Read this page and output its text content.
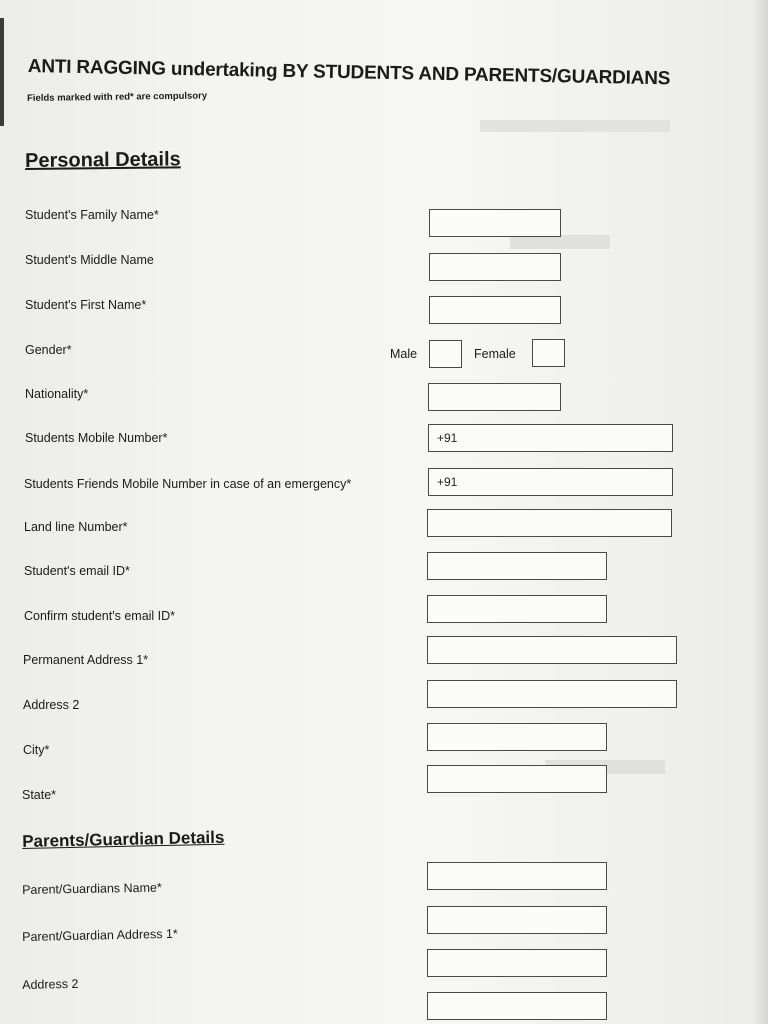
ANTI RAGGING undertaking BY STUDENTS AND PARENTS/GUARDIANS
Fields marked with red* are compulsory
Personal Details
Student's Family Name*
Student's Middle Name
Student's First Name*
Gender*	Male	Female
Nationality*
Students Mobile Number*	+91
Students Friends Mobile Number in case of an emergency*	+91
Land line Number*
Student's email ID*
Confirm student's email ID*
Permanent Address 1*
Address 2
City*
State*
Parents/Guardian Details
Parent/Guardians Name*
Parent/Guardian Address 1*
Address 2
